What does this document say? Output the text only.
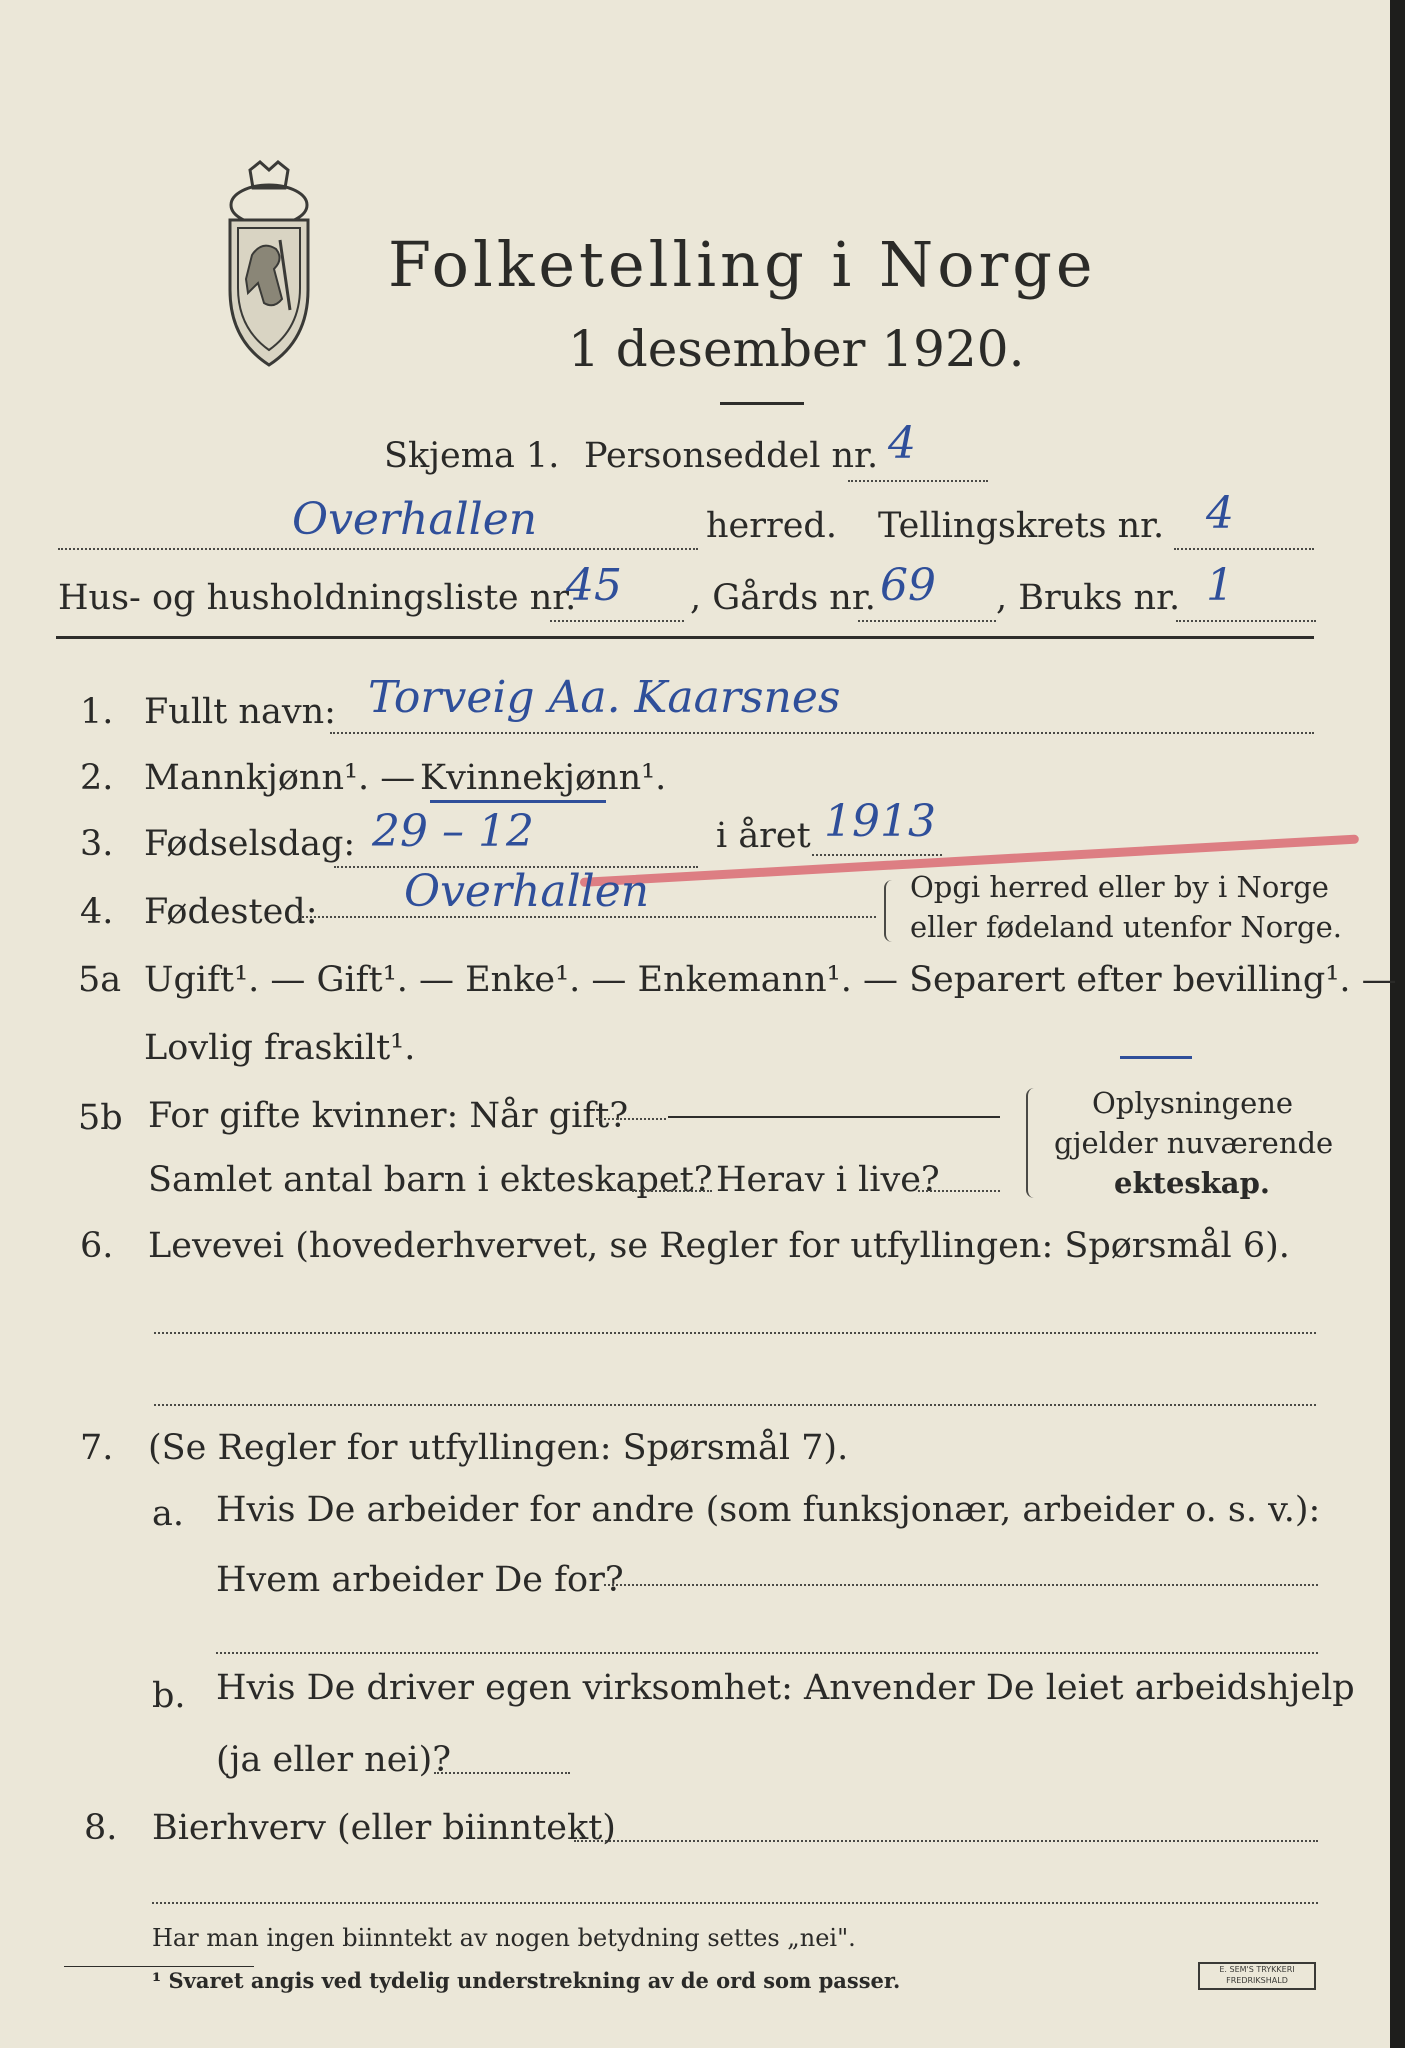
Folketelling i Norge
1 desember 1920.
Skjema 1. Personseddel nr. 4
Overhallen	herred. Tellingskrets nr. 4
Hus- og husholdningsliste nr.
45 , Gårds nr. 69 , Bruks nr. 1
1. Fullt navn: Torveig Aa. Kaarsnes
2. Mannkjønn¹. — Kvinnekjønn¹.
3. Fødselsdag: 29 – 12	i året 1913
4. Fødested: Overhallen	Opgi herred eller by i Norge
eller fødeland utenfor Norge.
5a Ugift¹. — Gift¹. — Enke¹. — Enkemann¹. — Separert efter bevilling¹. —
Lovlig fraskilt¹.
5b For gifte kvinner: Når gift?
Samlet antal barn i ekteskapet? Herav i live?
Oplysningene
gjelder nuværende
ekteskap.
6. Levevei (hovederhvervet, se Regler for utfyllingen: Spørsmål 6).
7. (Se Regler for utfyllingen: Spørsmål 7).
a. Hvis De arbeider for andre (som funksjonær, arbeider o. s. v.):
Hvem arbeider De for?
b. Hvis De driver egen virksomhet: Anvender De leiet arbeidshjelp
(ja eller nei)?
8. Bierhverv (eller biinntekt)
Har man ingen biinntekt av nogen betydning settes „nei".
¹ Svaret angis ved tydelig understrekning av de ord som passer.	E. SEM'S TRYKKERI
FREDRIKSHALD
